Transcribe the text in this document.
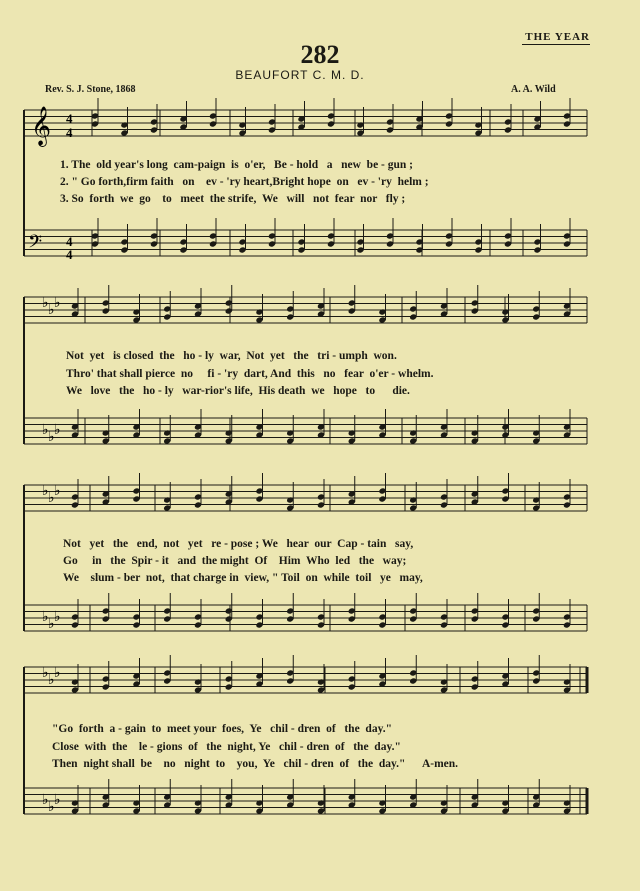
THE YEAR
282
BEAUFORT C. M. D.
Rev. S. J. Stone, 1868	A. A. Wild
♭
♭
♭
♭
♭
♭
♭
♭
♭
♭
♭
♭
♭
♭
♭
♭
♭
♭
𝄞
𝄢
4
4
4
4
1. The  old year's long  cam-paign  is  o'er,   Be - hold   a   new  be - gun ;
2. " Go forth,firm faith   on    ev - 'ry heart,Bright hope  on   ev - 'ry  helm ;
3. So  forth  we  go    to   meet  the strife,  We   will   not  fear  nor   fly ;
Not  yet   is closed  the   ho - ly  war,  Not  yet   the   tri - umph  won.
Thro' that shall pierce  no     fi - 'ry  dart, And  this   no   fear  o'er - whelm.
We   love   the   ho - ly   war-rior's life,  His death  we   hope   to      die.
Not   yet   the   end,  not   yet   re - pose ; We   hear  our  Cap - tain   say,
Go     in   the  Spir - it   and  the might  Of    Him  Who  led   the   way;
We    slum - ber  not,  that charge in  view, " Toil  on  while  toil   ye   may,
"Go  forth  a - gain  to  meet your  foes,  Ye   chil - dren  of   the  day."
Close  with  the    le - gions  of   the  night, Ye   chil - dren  of   the  day."
Then  night shall  be    no   night  to    you,  Ye   chil - dren  of   the  day."      A-men.
